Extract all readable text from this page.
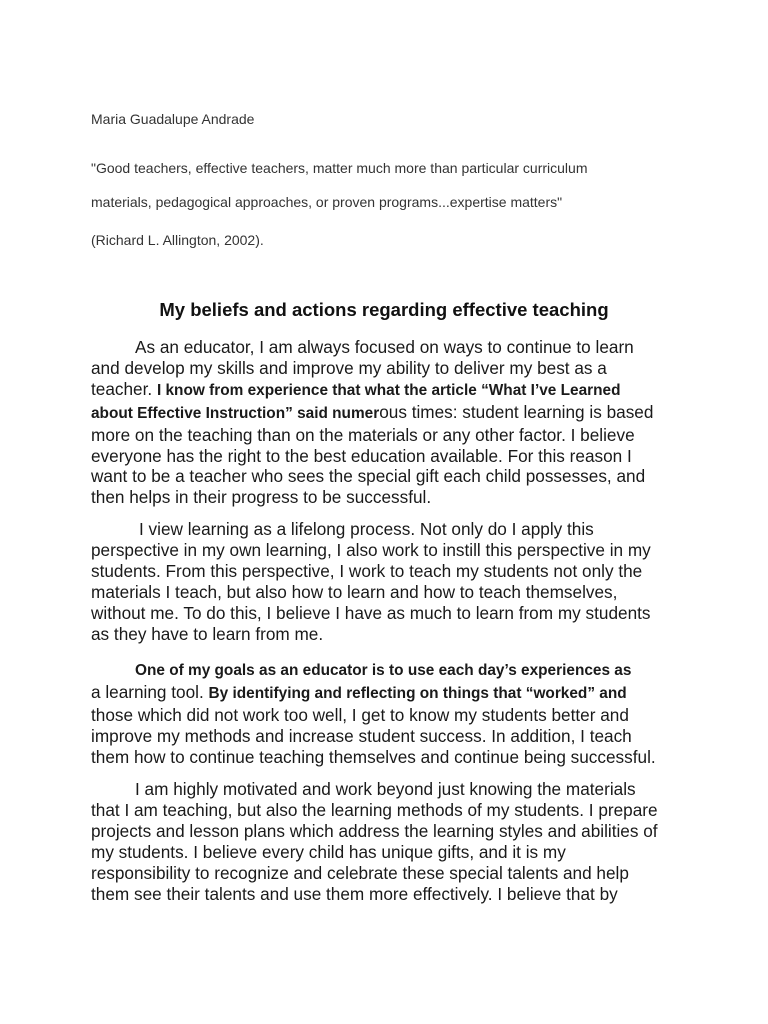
Maria Guadalupe Andrade
"Good teachers, effective teachers, matter much more than particular curriculum
materials, pedagogical approaches, or proven programs...expertise matters"
(Richard L. Allington, 2002).
My beliefs and actions regarding effective teaching
As an educator, I am always focused on ways to continue to learn
and develop my skills and improve my ability to deliver my best as a
teacher. I know from experience that what the article “What I’ve Learned
about Effective Instruction” said numerous times: student learning is based
more on the teaching than on the materials or any other factor. I believe
everyone has the right to the best education available. For this reason I
want to be a teacher who sees the special gift each child possesses, and
then helps in their progress to be successful.
I view learning as a lifelong process. Not only do I apply this
perspective in my own learning, I also work to instill this perspective in my
students. From this perspective, I work to teach my students not only the
materials I teach, but also how to learn and how to teach themselves,
without me. To do this, I believe I have as much to learn from my students
as they have to learn from me.
One of my goals as an educator is to use each day’s experiences as
a learning tool. By identifying and reflecting on things that “worked” and
those which did not work too well, I get to know my students better and
improve my methods and increase student success. In addition, I teach
them how to continue teaching themselves and continue being successful.
I am highly motivated and work beyond just knowing the materials
that I am teaching, but also the learning methods of my students. I prepare
projects and lesson plans which address the learning styles and abilities of
my students. I believe every child has unique gifts, and it is my
responsibility to recognize and celebrate these special talents and help
them see their talents and use them more effectively. I believe that by
